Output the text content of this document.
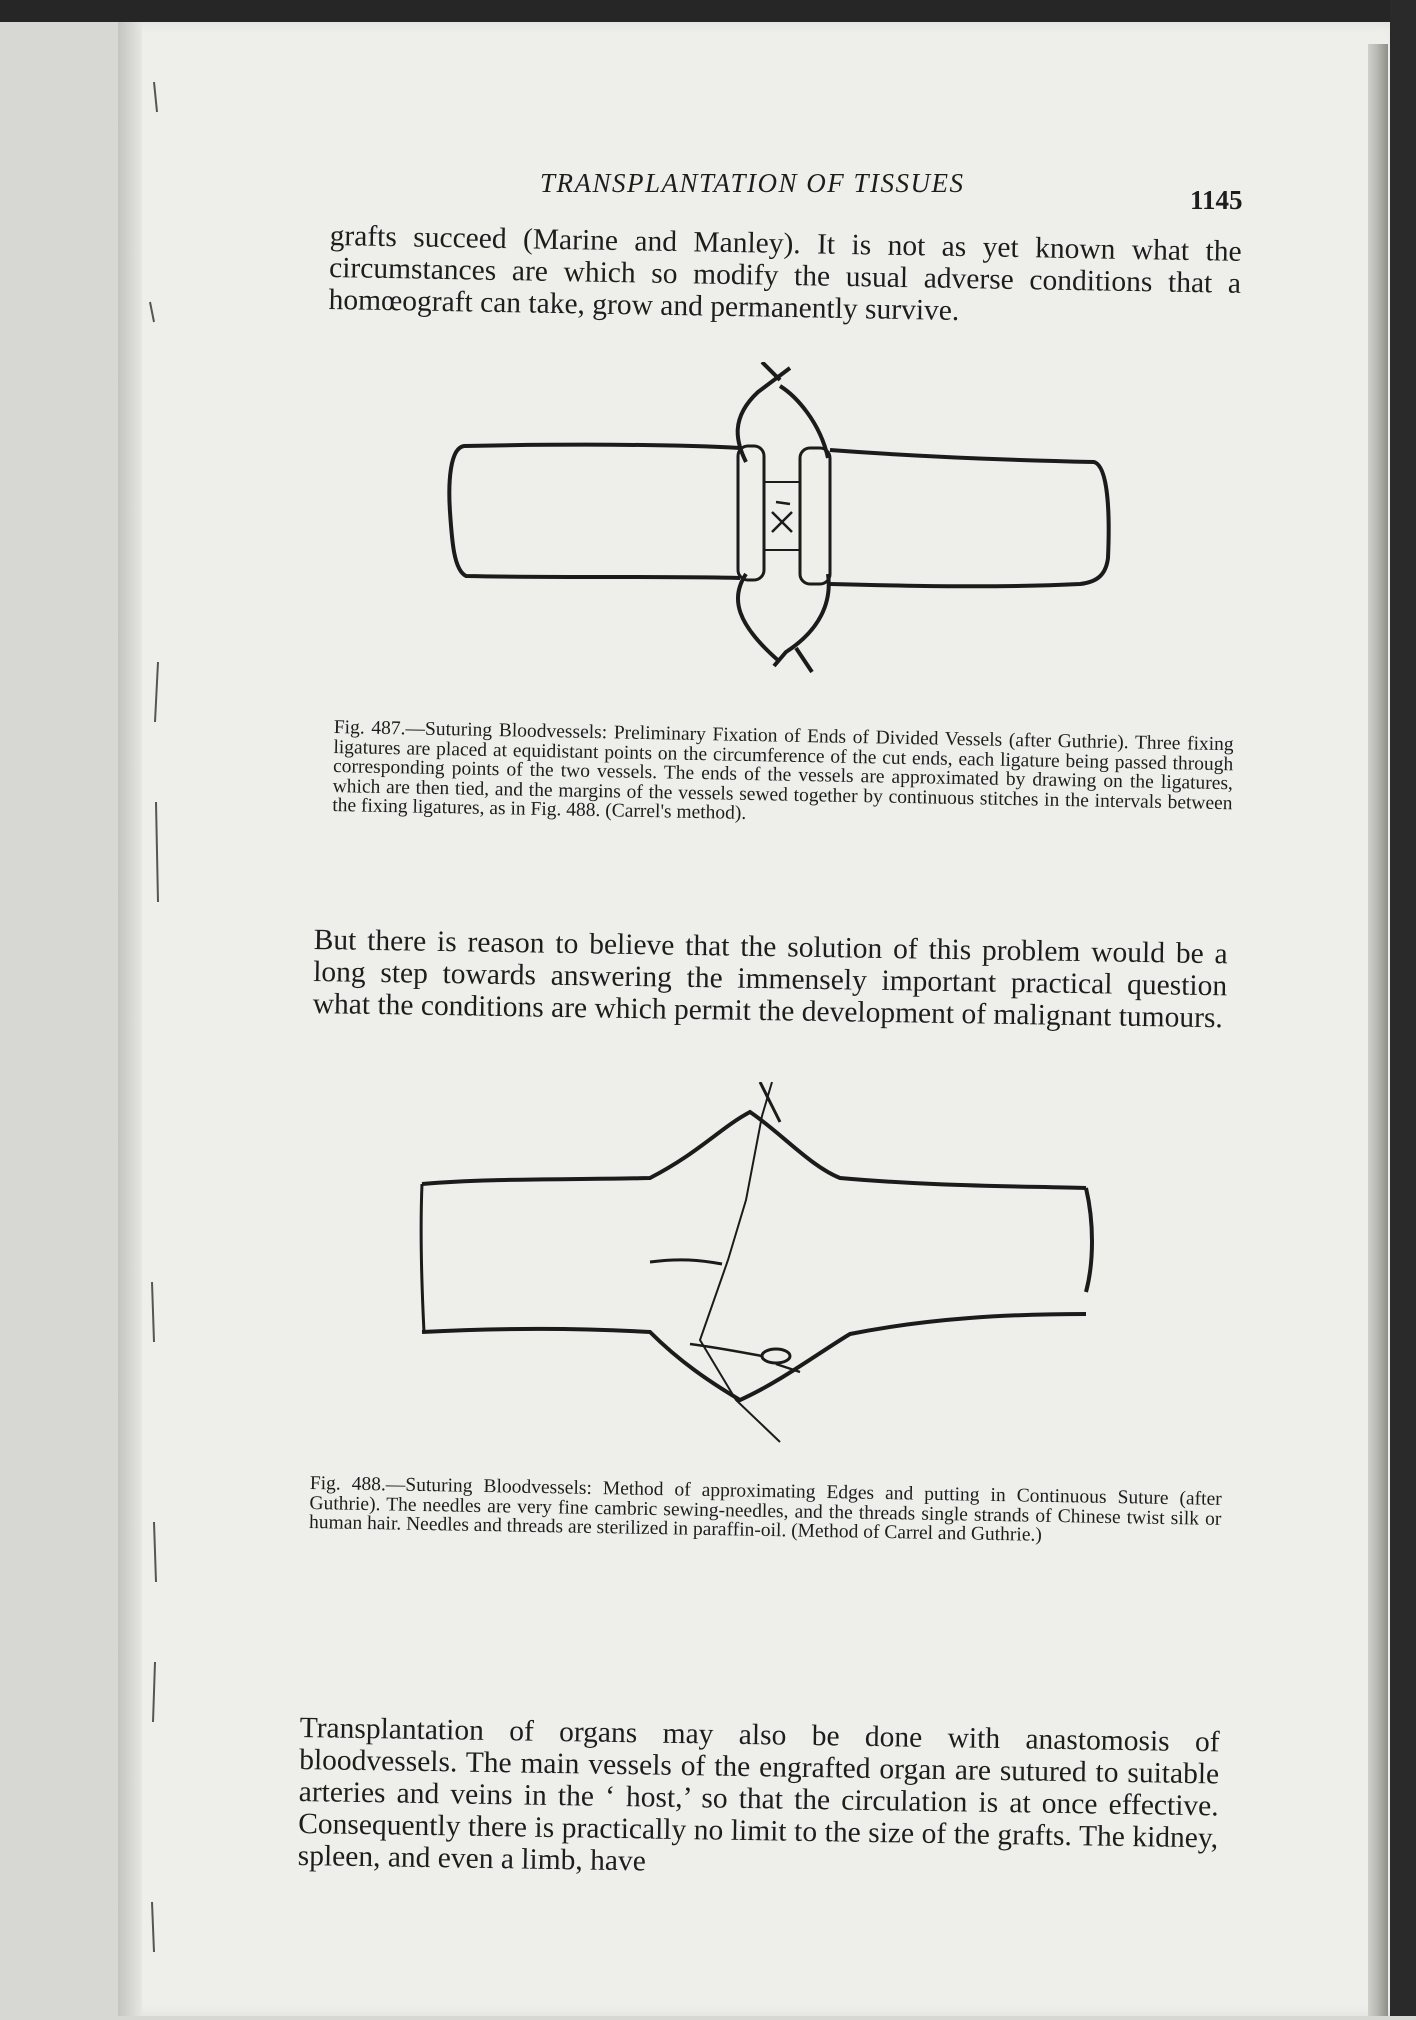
TRANSPLANTATION OF TISSUES
1145

grafts succeed (Marine and Manley). It is not as yet known what the circumstances are which so modify the usual adverse conditions that a homœograft can take, grow and permanently survive.

Fig. 487.—Suturing Bloodvessels: Preliminary Fixation of Ends of Divided Vessels (after Guthrie). Three fixing ligatures are placed at equidistant points on the circumference of the cut ends, each ligature being passed through corresponding points of the two vessels. The ends of the vessels are approximated by drawing on the ligatures, which are then tied, and the margins of the vessels sewed together by continuous stitches in the intervals between the fixing ligatures, as in Fig. 488. (Carrel's method).

But there is reason to believe that the solution of this problem would be a long step towards answering the immensely important practical question what the conditions are which permit the development of malignant tumours.

Fig. 488.—Suturing Bloodvessels: Method of approximating Edges and putting in Continuous Suture (after Guthrie). The needles are very fine cambric sewing-needles, and the threads single strands of Chinese twist silk or human hair. Needles and threads are sterilized in paraffin-oil. (Method of Carrel and Guthrie.)

Transplantation of organs may also be done with anastomosis of bloodvessels. The main vessels of the engrafted organ are sutured to suitable arteries and veins in the ‘ host,’ so that the circulation is at once effective. Consequently there is practically no limit to the size of the grafts. The kidney, spleen, and even a limb, have
